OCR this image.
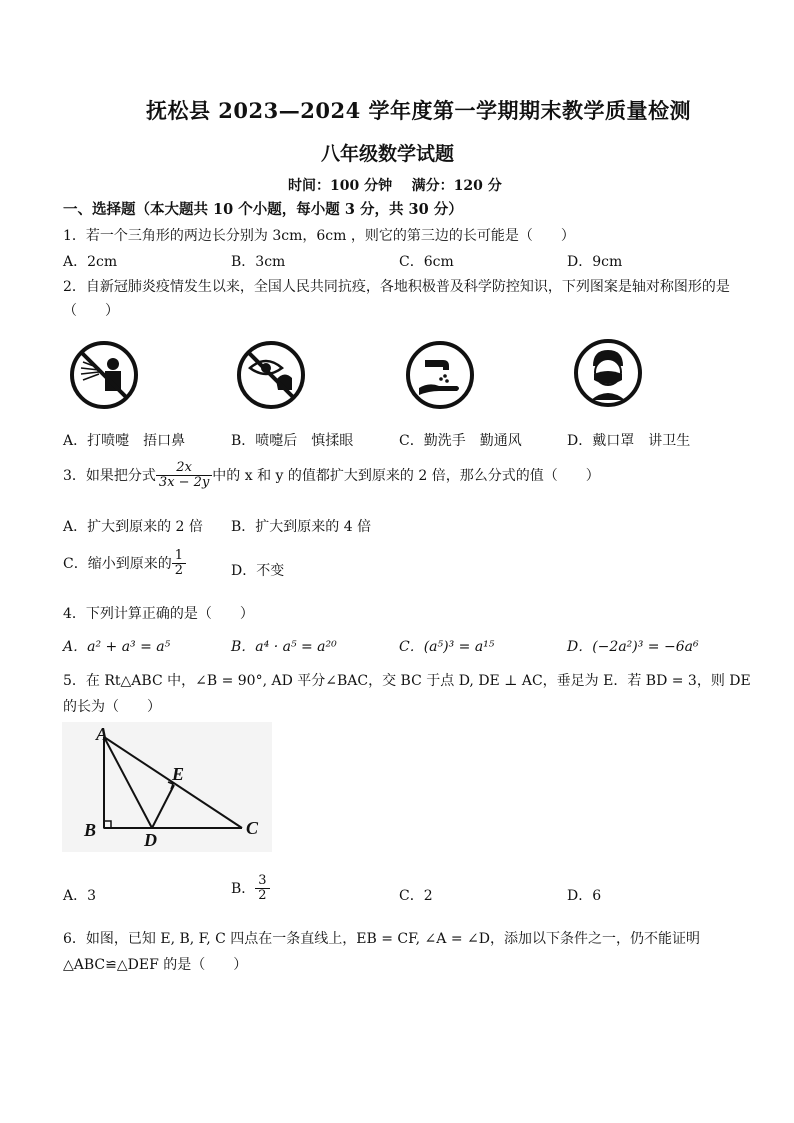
抚松县 2023—2024 学年度第一学期期末教学质量检测
八年级数学试题
时间：100 分钟    满分：120 分
一、选择题（本大题共 10 个小题，每小题 3 分，共 30 分）
1．若一个三角形的两边长分别为 3cm，6cm ，则它的第三边的长可能是（　　）
A．2cm	B．3cm	C．6cm	D．9cm
2．自新冠肺炎疫情发生以来，全国人民共同抗疫，各地积极普及科学防控知识，下列图案是轴对称图形的是
（　　）
A．打喷嚏　捂口鼻	B．喷嚏后　慎揉眼	C．勤洗手　勤通风	D．戴口罩　讲卫生
3．如果把分式 $\frac{2x}{3x - 2y}$ 中的 x 和 y 的值都扩大到原来的 2 倍，那么分式的值（　　）
A．扩大到原来的 2 倍 B．扩大到原来的 4 倍
C．缩小到原来的 $\frac{1}{2}$	D．不变
4．下列计算正确的是（　　）
A．a² + a³ = a⁵	B．a⁴ · a⁵ = a²⁰	C．(a⁵)³ = a¹⁵	D．(−2a²)³ = −6a⁶
5．在 Rt△ABC 中，∠B = 90°, AD 平分∠BAC，交 BC 于点 D, DE ⊥ AC，垂足为 E．若 BD = 3，则 DE
的长为（　　）
A
B	C
D
E
A．3	B． $\frac{3}{2}$	C．2	D．6
6．如图，已知 E, B, F, C 四点在一条直线上，EB = CF, ∠A = ∠D，添加以下条件之一，仍不能证明
△ABC≌△DEF 的是（　　）
